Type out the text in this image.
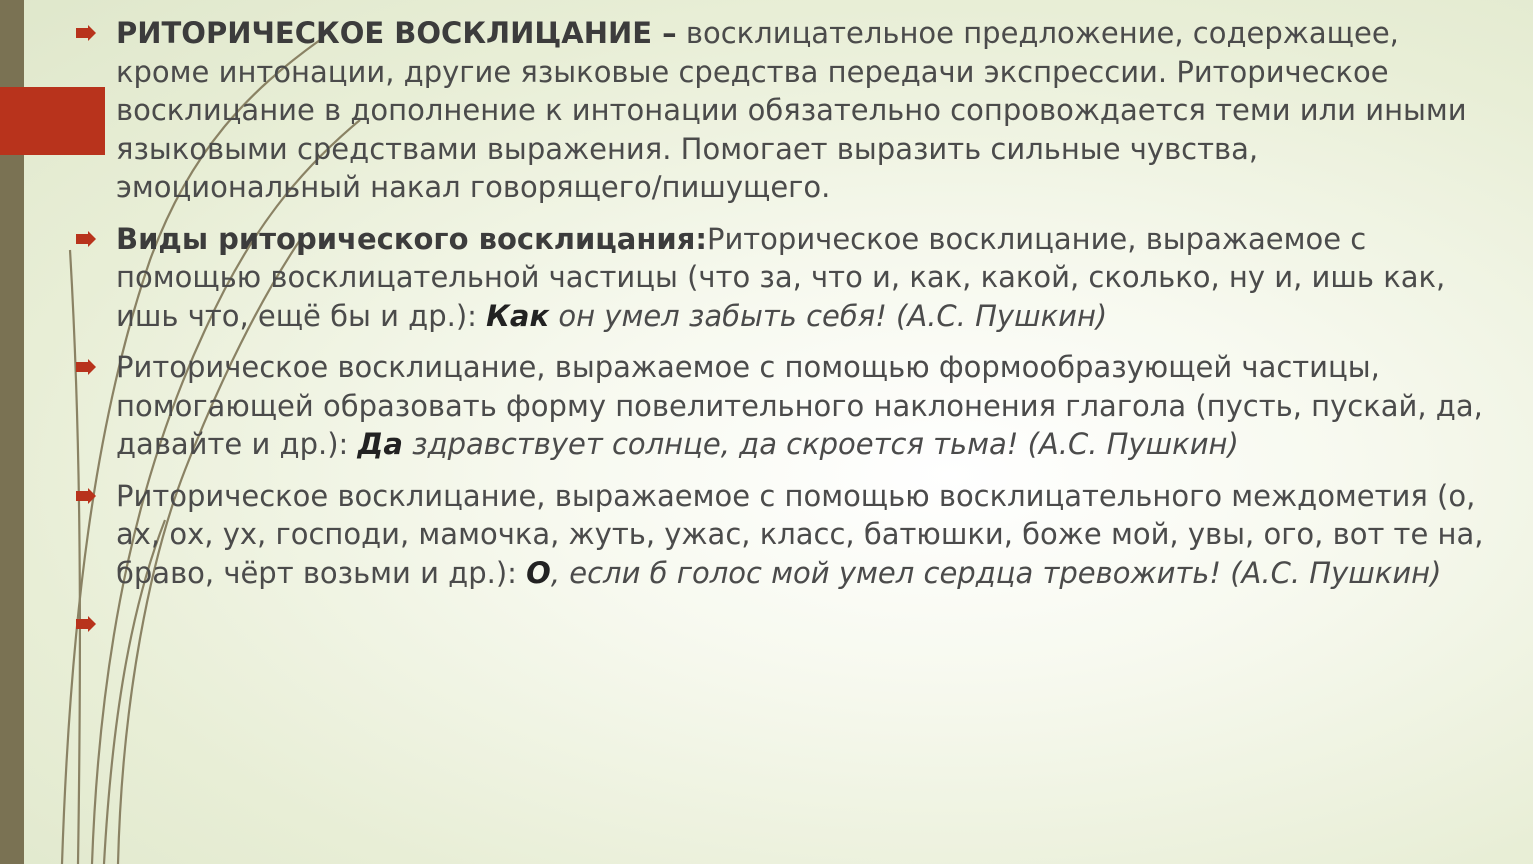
РИТОРИЧЕСКОЕ ВОСКЛИЦАНИЕ – восклицательное предложение, содержащее, кроме интонации, другие языковые средства передачи экспрессии. Риторическое восклицание в дополнение к интонации обязательно сопровождается теми или иными языковыми средствами выражения. Помогает выразить сильные чувства, эмоциональный накал говорящего/пишущего.
Виды риторического восклицания:Риторическое восклицание, выражаемое с помощью восклицательной частицы (что за, что и, как, какой, сколько, ну и, ишь как, ишь что, ещё бы и др.): Как он умел забыть себя! (А.С. Пушкин)
Риторическое восклицание, выражаемое с помощью формообразующей частицы, помогающей образовать форму повелительного наклонения глагола (пусть, пускай, да, давайте и др.): Да здравствует солнце, да скроется тьма! (А.С. Пушкин)
Риторическое восклицание, выражаемое с помощью восклицательного междометия (о, ах, ох, ух, господи, мамочка, жуть, ужас, класс, батюшки, боже мой, увы, ого, вот те на, браво, чёрт возьми и др.): О, если б голос мой умел сердца тревожить! (А.С. Пушкин)
